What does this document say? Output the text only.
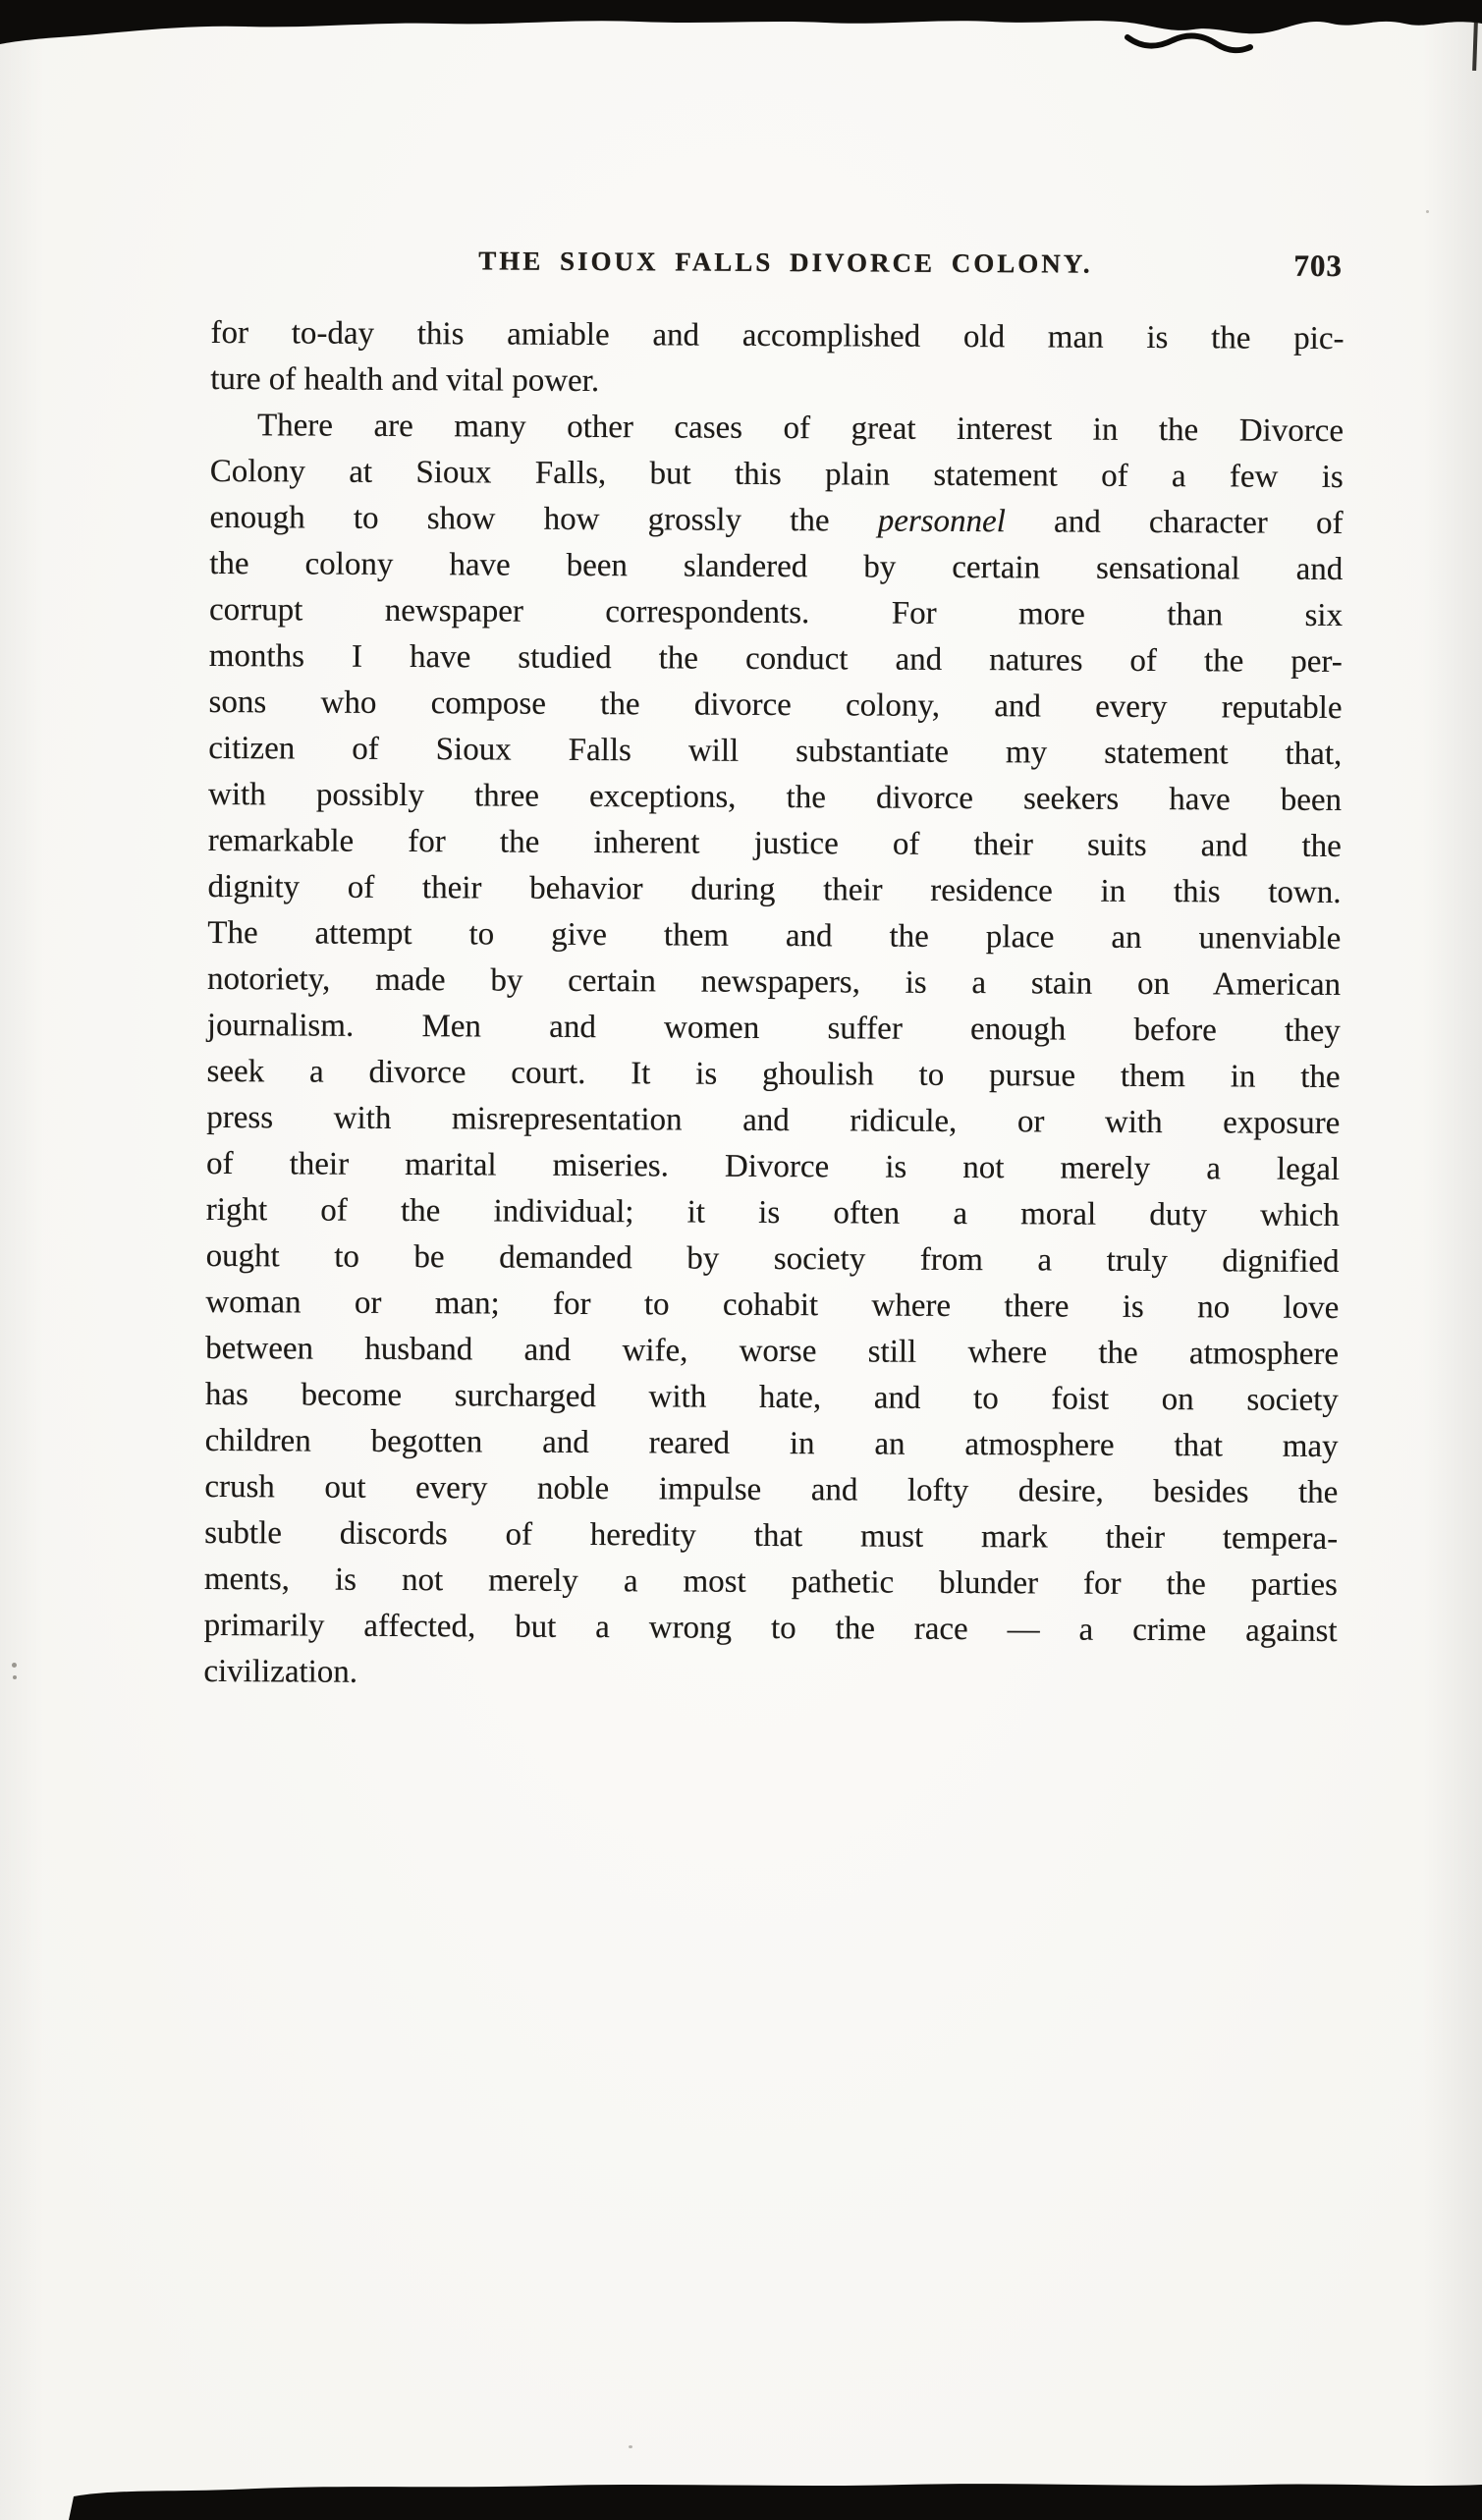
THE SIOUX FALLS DIVORCE COLONY.	703
for to-day this amiable and accomplished old man is the pic-
ture of health and vital power.
There are many other cases of great interest in the Divorce
Colony at Sioux Falls, but this plain statement of a few is
enough to show how grossly the personnel and character of
the colony have been slandered by certain sensational and
corrupt newspaper correspondents. For more than six
months I have studied the conduct and natures of the per-
sons who compose the divorce colony, and every reputable
citizen of Sioux Falls will substantiate my statement that,
with possibly three exceptions, the divorce seekers have been
remarkable for the inherent justice of their suits and the
dignity of their behavior during their residence in this town.
The attempt to give them and the place an unenviable
notoriety, made by certain newspapers, is a stain on American
journalism. Men and women suffer enough before they
seek a divorce court. It is ghoulish to pursue them in the
press with misrepresentation and ridicule, or with exposure
of their marital miseries. Divorce is not merely a legal
right of the individual; it is often a moral duty which
ought to be demanded by society from a truly dignified
woman or man; for to cohabit where there is no love
between husband and wife, worse still where the atmosphere
has become surcharged with hate, and to foist on society
children begotten and reared in an atmosphere that may
crush out every noble impulse and lofty desire, besides the
subtle discords of heredity that must mark their tempera-
ments, is not merely a most pathetic blunder for the parties
primarily affected, but a wrong to the race — a crime against
civilization.
